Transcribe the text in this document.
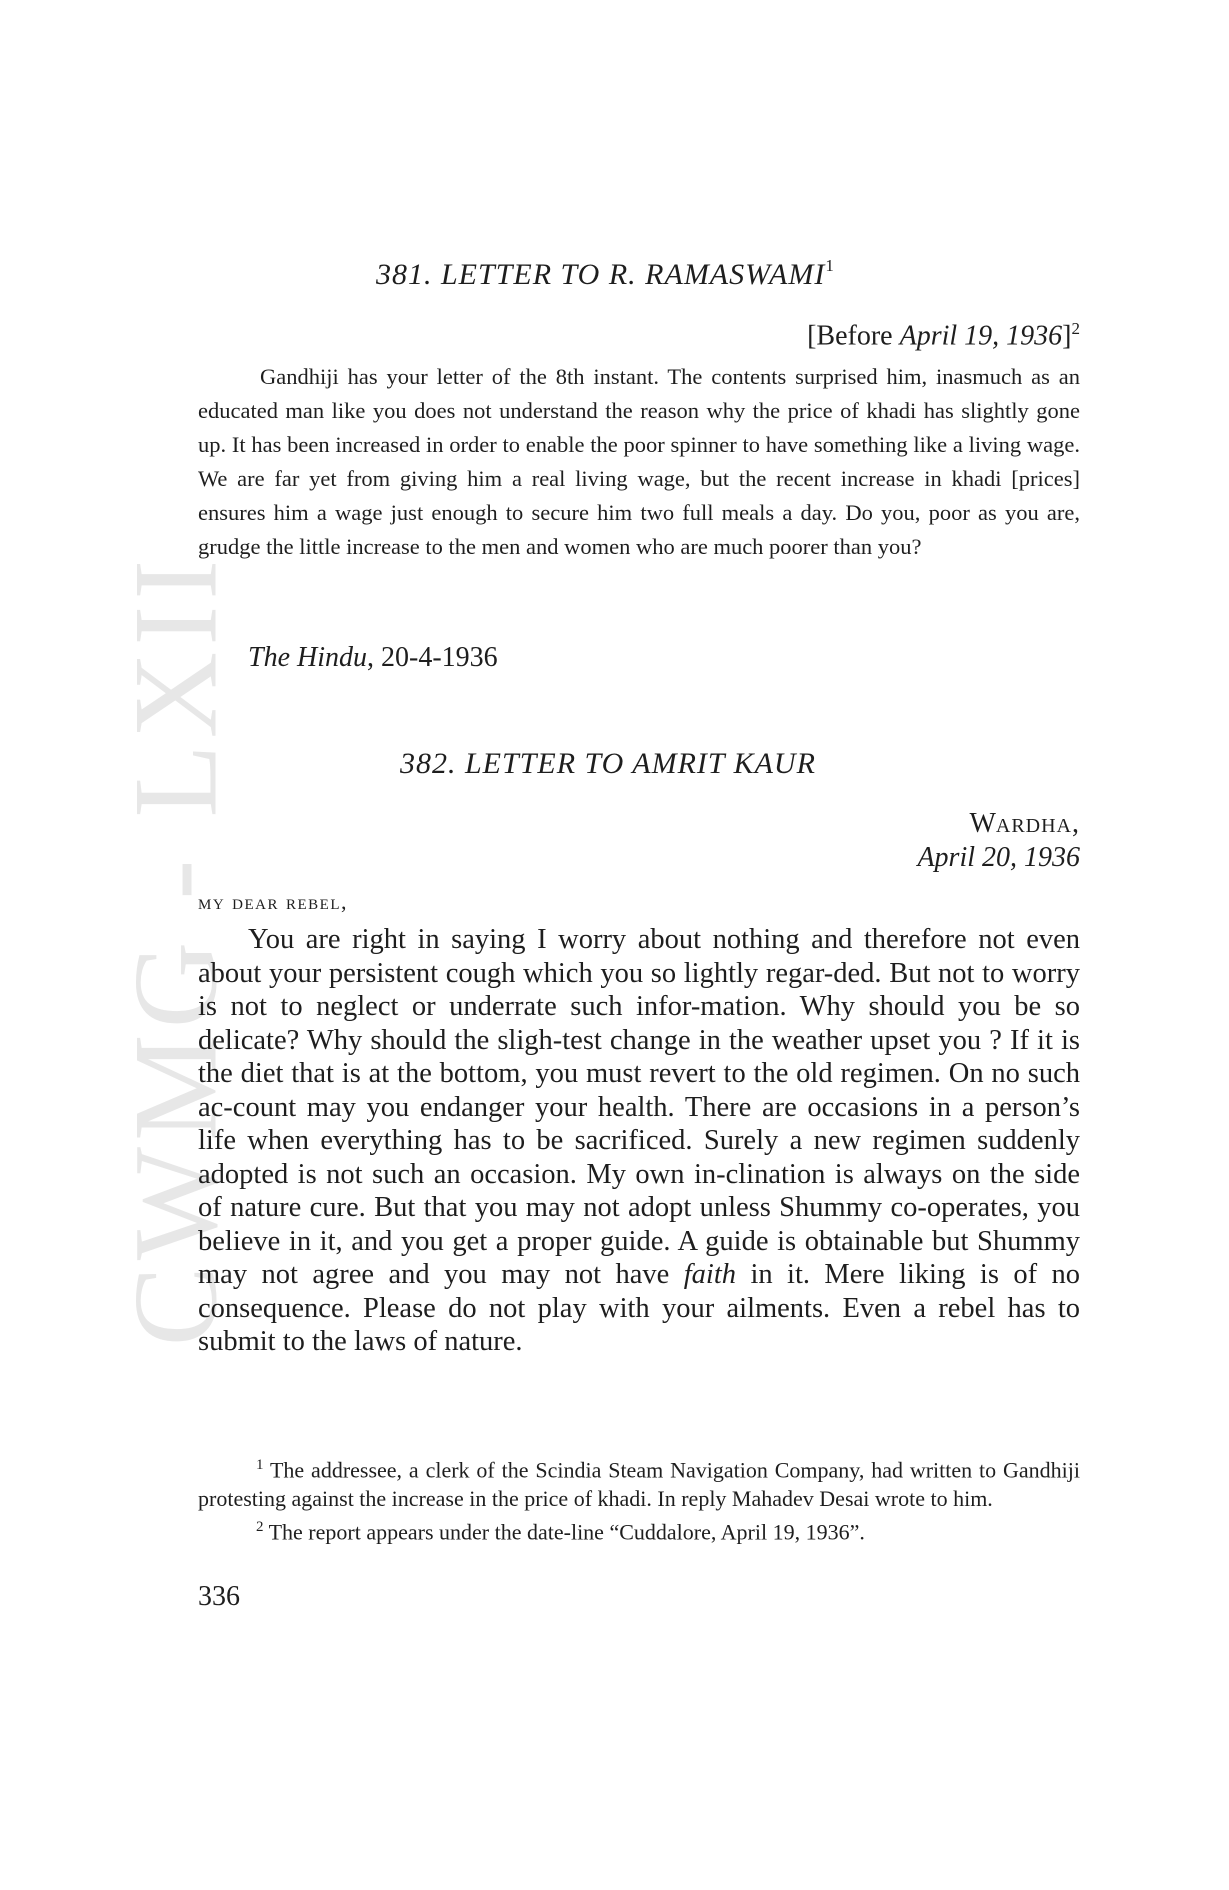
CWMG - LXII
381. LETTER TO R. RAMASWAMI$^1$
[Before April 19, 1936]$^2$

Gandhiji has your letter of the 8th instant. The contents surprised him, inasmuch as an educated man like you does not understand the reason why the price of khadi has slightly gone up. It has been increased in order to enable the poor spinner to have something like a living wage. We are far yet from giving him a real living wage, but the recent increase in khadi [prices] ensures him a wage just enough to secure him two full meals a day. Do you, poor as you are, grudge the little increase to the men and women who are much poorer than you?

The Hindu, 20-4-1936
382. LETTER TO AMRIT KAUR
Wardha,
April 20, 1936
my dear rebel,

You are right in saying I worry about nothing and therefore not even about your persistent cough which you so lightly regar-ded. But not to worry is not to neglect or underrate such infor-mation. Why should you be so delicate? Why should the sligh-test change in the weather upset you ? If it is the diet that is at the bottom, you must revert to the old regimen. On no such ac-count may you endanger your health. There are occasions in a person’s life when everything has to be sacrificed. Surely a new regimen suddenly adopted is not such an occasion. My own in-clination is always on the side of nature cure. But that you may not adopt unless Shummy co-operates, you believe in it, and you get a proper guide. A guide is obtainable but Shummy may not agree and you may not have faith in it. Mere liking is of no consequence. Please do not play with your ailments. Even a rebel has to submit to the laws of nature.

$^1$ The addressee, a clerk of the Scindia Steam Navigation Company, had written to Gandhiji protesting against the increase in the price of khadi. In reply Mahadev Desai wrote to him.

$^2$ The report appears under the date-line “Cuddalore, April 19, 1936”.

336
